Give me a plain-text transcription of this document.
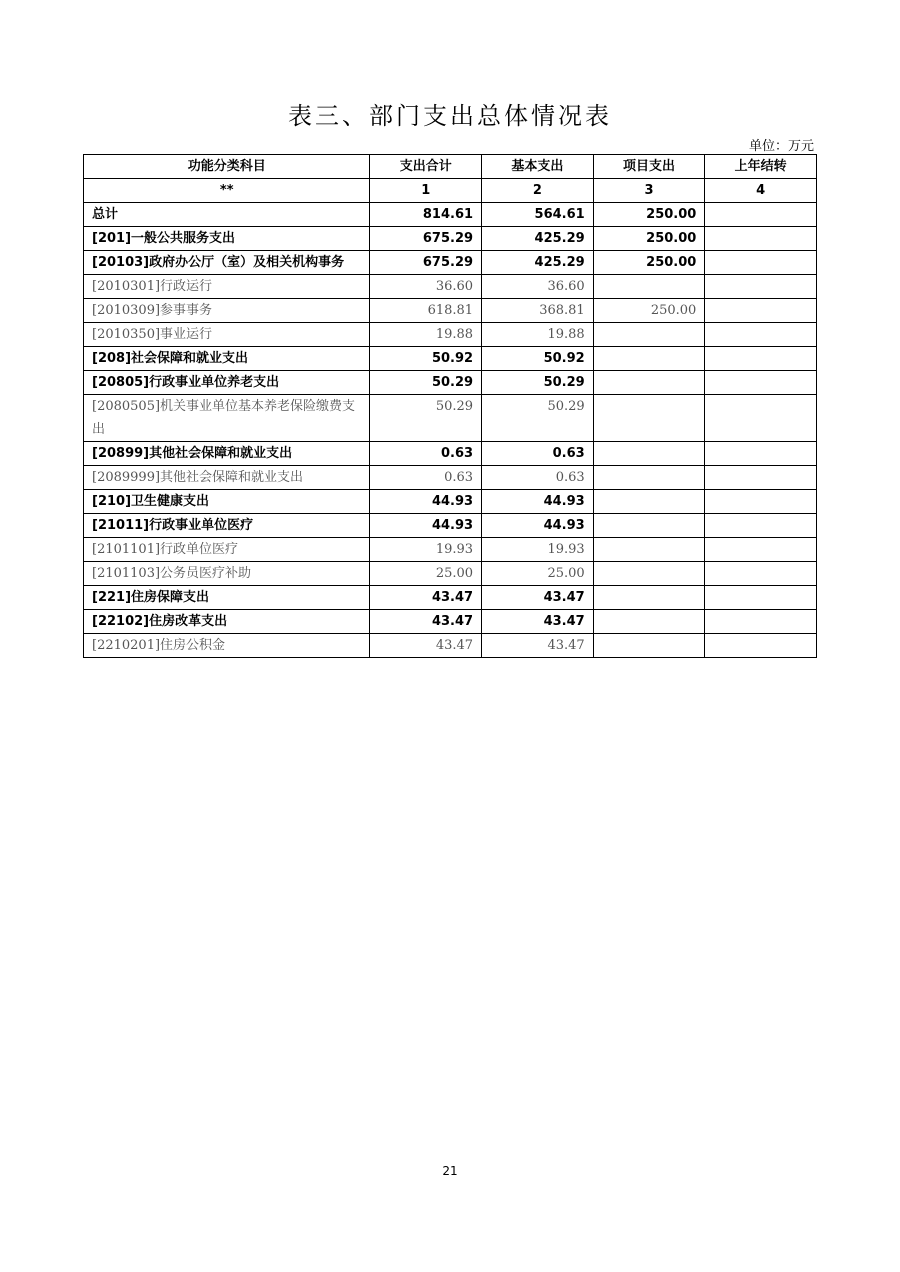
表三、部门支出总体情况表
单位：万元
功能分类科目	支出合计	基本支出	项目支出	上年结转
**	1	2	3	4
总计	814.61	564.61	250.00	
[201]一般公共服务支出	675.29	425.29	250.00	
[20103]政府办公厅（室）及相关机构事务	675.29	425.29	250.00	
[2010301]行政运行	36.60	36.60		
[2010309]参事事务	618.81	368.81	250.00	
[2010350]事业运行	19.88	19.88		
[208]社会保障和就业支出	50.92	50.92		
[20805]行政事业单位养老支出	50.29	50.29		
[2080505]机关事业单位基本养老保险缴费支出	50.29	50.29		
[20899]其他社会保障和就业支出	0.63	0.63		
[2089999]其他社会保障和就业支出	0.63	0.63		
[210]卫生健康支出	44.93	44.93		
[21011]行政事业单位医疗	44.93	44.93		
[2101101]行政单位医疗	19.93	19.93		
[2101103]公务员医疗补助	25.00	25.00		
[221]住房保障支出	43.47	43.47		
[22102]住房改革支出	43.47	43.47		
[2210201]住房公积金	43.47	43.47		
21
